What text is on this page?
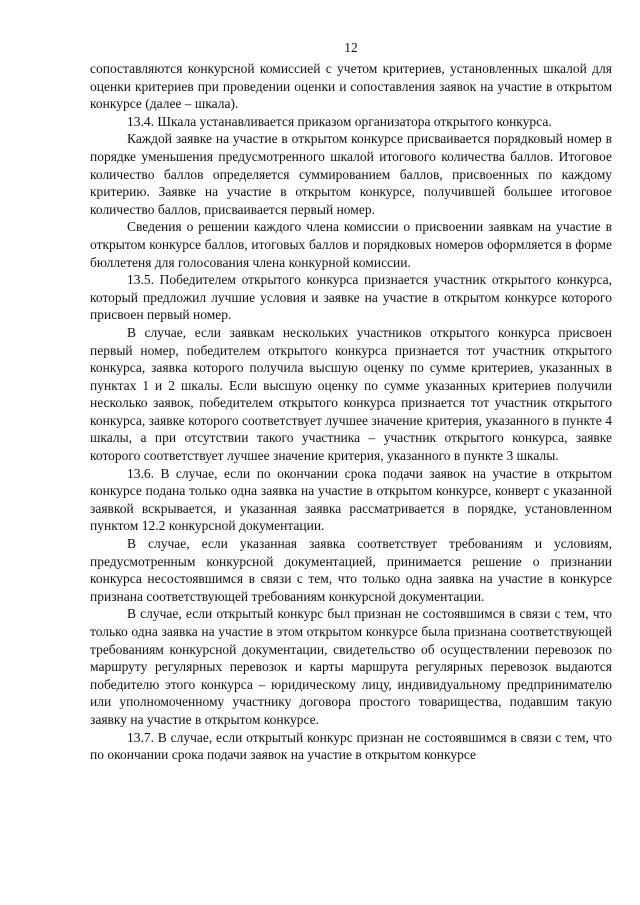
12

сопоставляются конкурсной комиссией с учетом критериев, установленных шкалой для оценки критериев при проведении оценки и сопоставления заявок на участие в открытом конкурсе (далее – шкала).

13.4. Шкала устанавливается приказом организатора открытого конкурса.

Каждой заявке на участие в открытом конкурсе присваивается порядковый номер в порядке уменьшения предусмотренного шкалой итогового количества баллов. Итоговое количество баллов определяется суммированием баллов, присвоенных по каждому критерию. Заявке на участие в открытом конкурсе, получившей большее итоговое количество баллов, присваивается первый номер.

Сведения о решении каждого члена комиссии о присвоении заявкам на участие в открытом конкурсе баллов, итоговых баллов и порядковых номеров оформляется в форме бюллетеня для голосования члена конкурной комиссии.

13.5. Победителем открытого конкурса признается участник открытого конкурса, который предложил лучшие условия и заявке на участие в открытом конкурсе которого присвоен первый номер.

В случае, если заявкам нескольких участников открытого конкурса присвоен первый номер, победителем открытого конкурса признается тот участник открытого конкурса, заявка которого получила высшую оценку по сумме критериев, указанных в пунктах 1 и 2 шкалы. Если высшую оценку по сумме указанных критериев получили несколько заявок, победителем открытого конкурса признается тот участник открытого конкурса, заявке которого соответствует лучшее значение критерия, указанного в пункте 4 шкалы, а при отсутствии такого участника – участник открытого конкурса, заявке которого соответствует лучшее значение критерия, указанного в пункте 3 шкалы.

13.6. В случае, если по окончании срока подачи заявок на участие в открытом конкурсе подана только одна заявка на участие в открытом конкурсе, конверт с указанной заявкой вскрывается, и указанная заявка рассматривается в порядке, установленном пунктом 12.2 конкурсной документации.

В случае, если указанная заявка соответствует требованиям и условиям, предусмотренным конкурсной документацией, принимается решение о признании конкурса несостоявшимся в связи с тем, что только одна заявка на участие в конкурсе признана соответствующей требованиям конкурсной документации.

В случае, если открытый конкурс был признан не состоявшимся в связи с тем, что только одна заявка на участие в этом открытом конкурсе была признана соответствующей требованиям конкурсной документации, свидетельство об осуществлении перевозок по маршруту регулярных перевозок и карты маршрута регулярных перевозок выдаются победителю этого конкурса – юридическому лицу, индивидуальному предпринимателю или уполномоченному участнику договора простого товарищества, подавшим такую заявку на участие в открытом конкурсе.

13.7. В случае, если открытый конкурс признан не состоявшимся в связи с тем, что по окончании срока подачи заявок на участие в открытом конкурсе
